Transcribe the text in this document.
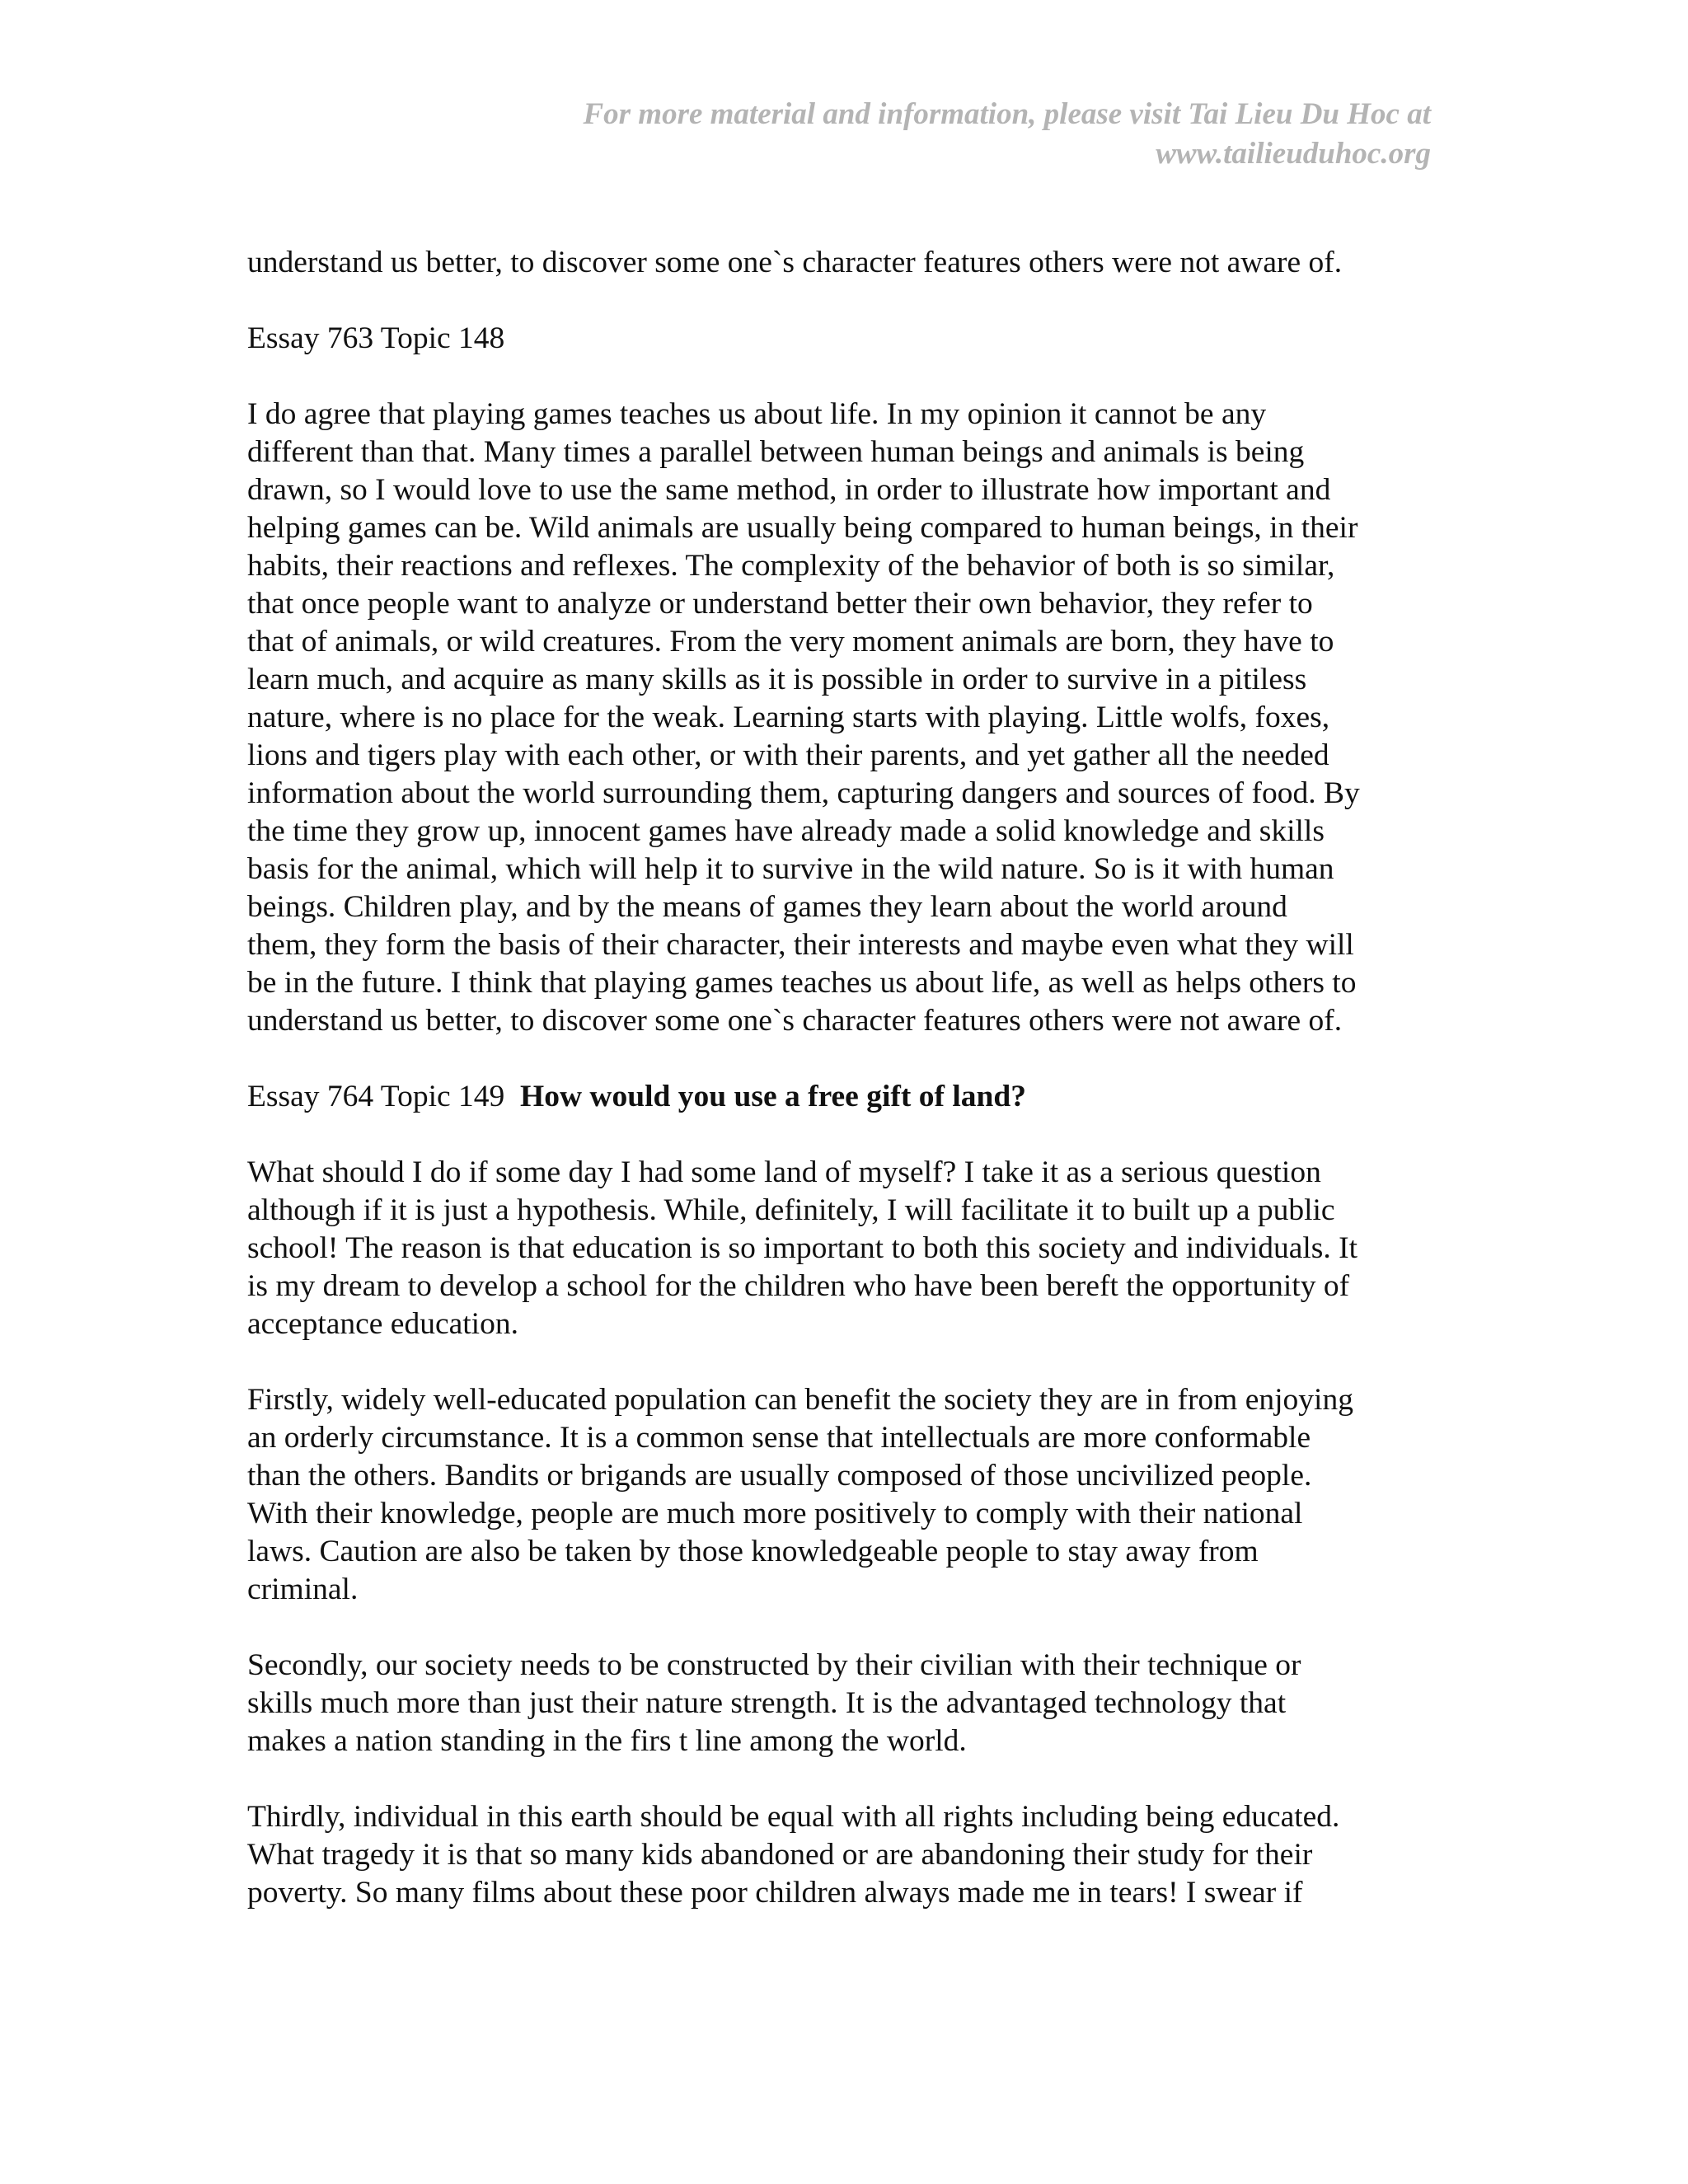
For more material and information, please visit Tai Lieu Du Hoc at
www.tailieuduhoc.org
understand us better, to discover some one`s character features others were not aware of.
Essay 763 Topic 148
I do agree that playing games teaches us about life. In my opinion it cannot be any
different than that. Many times a parallel between human beings and animals is being
drawn, so I would love to use the same method, in order to illustrate how important and
helping games can be. Wild animals are usually being compared to human beings, in their
habits, their reactions and reflexes. The complexity of the behavior of both is so similar,
that once people want to analyze or understand better their own behavior, they refer to
that of animals, or wild creatures. From the very moment animals are born, they have to
learn much, and acquire as many skills as it is possible in order to survive in a pitiless
nature, where is no place for the weak. Learning starts with playing. Little wolfs, foxes,
lions and tigers play with each other, or with their parents, and yet gather all the needed
information about the world surrounding them, capturing dangers and sources of food. By
the time they grow up, innocent games have already made a solid knowledge and skills
basis for the animal, which will help it to survive in the wild nature. So is it with human
beings. Children play, and by the means of games they learn about the world around
them, they form the basis of their character, their interests and maybe even what they will
be in the future. I think that playing games teaches us about life, as well as helps others to
understand us better, to discover some one`s character features others were not aware of.
Essay 764 Topic 149 How would you use a free gift of land?
What should I do if some day I had some land of myself? I take it as a serious question
although if it is just a hypothesis. While, definitely, I will facilitate it to built up a public
school! The reason is that education is so important to both this society and individuals. It
is my dream to develop a school for the children who have been bereft the opportunity of
acceptance education.
Firstly, widely well-educated population can benefit the society they are in from enjoying
an orderly circumstance. It is a common sense that intellectuals are more conformable
than the others. Bandits or brigands are usually composed of those uncivilized people.
With their knowledge, people are much more positively to comply with their national
laws. Caution are also be taken by those knowledgeable people to stay away from
criminal.
Secondly, our society needs to be constructed by their civilian with their technique or
skills much more than just their nature strength. It is the advantaged technology that
makes a nation standing in the firs t line among the world.
Thirdly, individual in this earth should be equal with all rights including being educated.
What tragedy it is that so many kids abandoned or are abandoning their study for their
poverty. So many films about these poor children always made me in tears! I swear if
